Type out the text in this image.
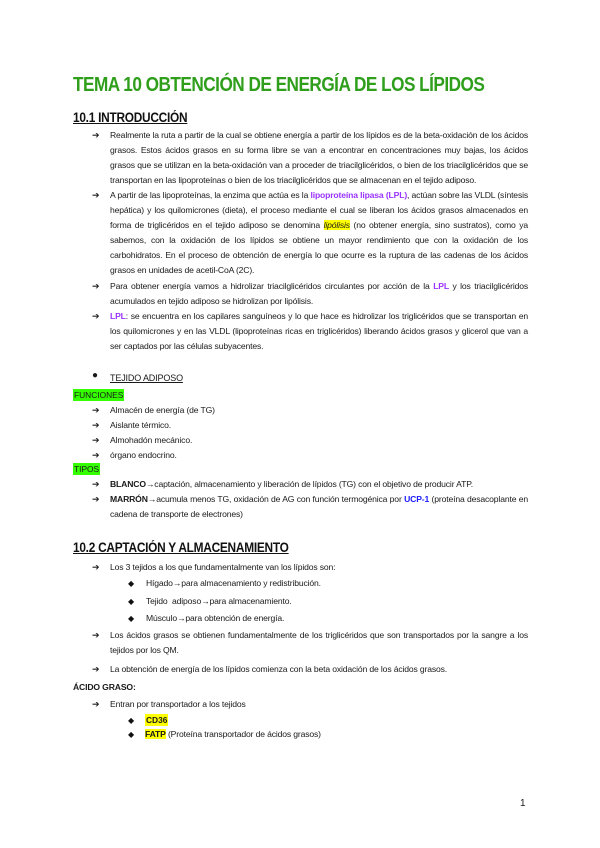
TEMA 10 OBTENCIÓN DE ENERGÍA DE LOS LÍPIDOS
10.1 INTRODUCCIÓN
➔ Realmente la ruta a partir de la cual se obtiene energía a partir de los lípidos es de la beta-oxidación de los ácidos grasos. Estos ácidos grasos en su forma libre se van a encontrar en concentraciones muy bajas, los ácidos grasos que se utilizan en la beta-oxidación van a proceder de triacilglicéridos, o bien de los triacilglicéridos que se transportan en las lipoproteínas o bien de los triacilglicéridos que se almacenan en el tejido adiposo.
➔ A partir de las lipoproteínas, la enzima que actúa es la lipoproteína lipasa (LPL), actúan sobre las VLDL (síntesis hepática) y los quilomicrones (dieta), el proceso mediante el cual se liberan los ácidos grasos almacenados en forma de triglicéridos en el tejido adiposo se denomina lipólisis (no obtener energía, sino sustratos), como ya sabemos, con la oxidación de los lípidos se obtiene un mayor rendimiento que con la oxidación de los carbohidratos. En el proceso de obtención de energía lo que ocurre es la ruptura de las cadenas de los ácidos grasos en unidades de acetil-CoA (2C).
➔ Para obtener energía vamos a hidrolizar triacilglicéridos circulantes por acción de la LPL y los triacilglicéridos acumulados en tejido adiposo se hidrolizan por lipólisis.
➔ LPL: se encuentra en los capilares sanguíneos y lo que hace es hidrolizar los triglicéridos que se transportan en los quilomicrones y en las VLDL (lipoproteínas ricas en triglicéridos) liberando ácidos grasos y glicerol que van a ser captados por las células subyacentes.
● TEJIDO ADIPOSO
FUNCIONES
➔ Almacén de energía (de TG)
➔ Aislante térmico.
➔ Almohadón mecánico.
➔ órgano endocrino.
TIPOS
➔ BLANCO→captación, almacenamiento y liberación de lípidos (TG) con el objetivo de producir ATP.
➔ MARRÓN→acumula menos TG, oxidación de AG con función termogénica por UCP-1 (proteína desacoplante en cadena de transporte de electrones)
10.2 CAPTACIÓN Y ALMACENAMIENTO
➔ Los 3 tejidos a los que fundamentalmente van los lípidos son:
◆ Hígado→para almacenamiento y redistribución.
◆ Tejido  adiposo→para almacenamiento.
◆ Músculo→para obtención de energía.
➔ Los ácidos grasos se obtienen fundamentalmente de los triglicéridos que son transportados por la sangre a los tejidos por los QM.
➔ La obtención de energía de los lípidos comienza con la beta oxidación de los ácidos grasos.
ÁCIDO GRASO:
➔ Entran por transportador a los tejidos
◆ CD36
◆ FATP (Proteína transportador de ácidos grasos)
1
